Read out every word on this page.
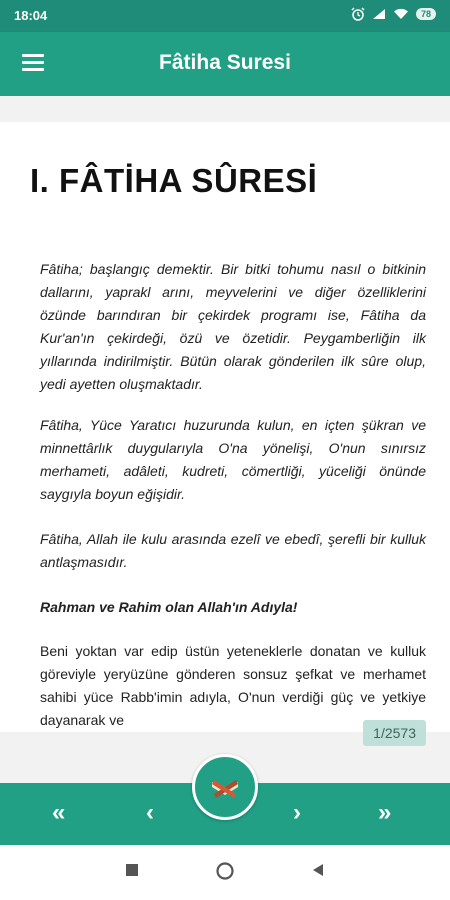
18:04	78
Fâtiha Suresi
I. FÂTİHA SÛRESİ

Fâtiha; başlangıç demektir. Bir bitki tohumu nasıl o bitkinin dallarını, yaprakl arını, meyvelerini ve diğer özelliklerini özünde barındıran bir çekirdek programı ise, Fâtiha da Kur'an'ın çekirdeği, özü ve özetidir. Peygamberliğin ilk yıllarında indirilmiştir. Bütün olarak gönderilen ilk sûre olup, yedi ayetten oluşmaktadır.

Fâtiha, Yüce Yaratıcı huzurunda kulun, en içten şükran ve minnettârlık duygularıyla O'na yönelişi, O'nun sınırsız merhameti, adâleti, kudreti, cömertliği, yüceliği önünde saygıyla boyun eğişidir.

Fâtiha, Allah ile kulu arasında ezelî ve ebedî, şerefli bir kulluk antlaşmasıdır.

Rahman ve Rahim olan Allah'ın Adıyla!

Beni yoktan var edip üstün yeteneklerle donatan ve kulluk göreviyle yeryüzüne gönderen sonsuz şefkat ve merhamet sahibi yüce Rabb'imin adıyla, O'nun verdiği güç ve yetkiye dayanarak ve

1/2573
«	‹	›	»
